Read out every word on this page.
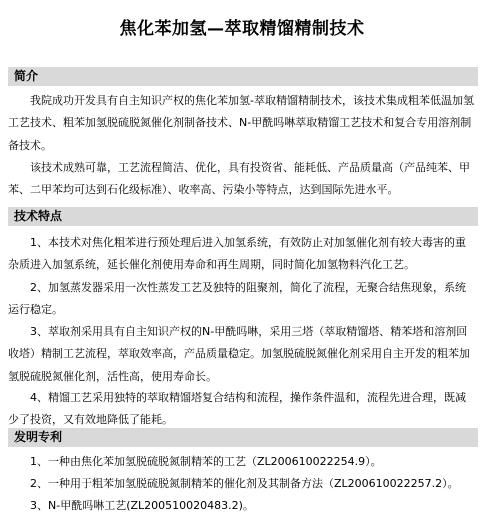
焦化苯加氢—萃取精馏精制技术
简介

我院成功开发具有自主知识产权的焦化苯加氢-萃取精馏精制技术，该技术集成粗苯低温加氢工艺技术、粗苯加氢脱硫脱氮催化剂制备技术、N-甲酰吗啉萃取精馏工艺技术和复合专用溶剂制备技术。

该技术成熟可靠，工艺流程简洁、优化，具有投资省、能耗低、产品质量高（产品纯苯、甲苯、二甲苯均可达到石化级标准）、收率高、污染小等特点，达到国际先进水平。

技术特点

1、本技术对焦化粗苯进行预处理后进入加氢系统，有效防止对加氢催化剂有较大毒害的重杂质进入加氢系统，延长催化剂使用寿命和再生周期，同时简化加氢物料汽化工艺。

2、加氢蒸发器采用一次性蒸发工艺及独特的阻聚剂，简化了流程，无聚合结焦现象，系统运行稳定。

3、萃取剂采用具有自主知识产权的N-甲酰吗啉，采用三塔（萃取精馏塔、精苯塔和溶剂回收塔）精制工艺流程，萃取效率高，产品质量稳定。加氢脱硫脱氮催化剂采用自主开发的粗苯加氢脱硫脱氮催化剂，活性高，使用寿命长。

4、精馏工艺采用独特的萃取精馏塔复合结构和流程，操作条件温和，流程先进合理，既减少了投资，又有效地降低了能耗。

发明专利

1、一种由焦化苯加氢脱硫脱氮制精苯的工艺（ZL200610022254.9）。

2、一种用于粗苯加氢脱硫脱氮制精苯的催化剂及其制备方法（ZL200610022257.2）。

3、N-甲酰吗啉工艺(ZL200510020483.2)。
